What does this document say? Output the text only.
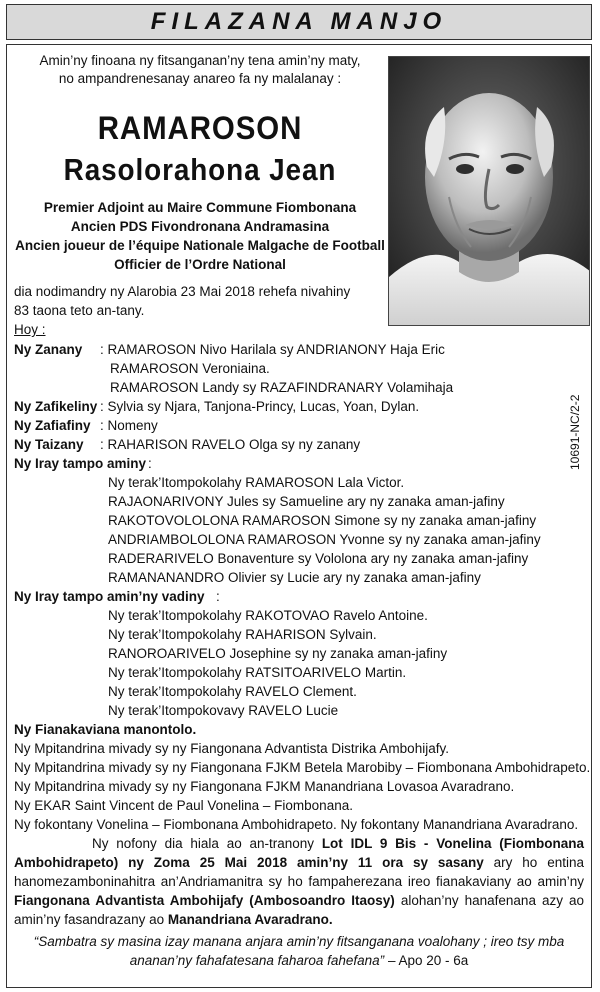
FILAZANA MANJO
Amin’ny finoana ny fitsanganan’ny tena amin’ny maty,
no ampandrenesanay anareo fa ny malalanay :
RAMAROSON
Rasolorahona Jean
Premier Adjoint au Maire Commune Fiombonana
Ancien PDS Fivondronana Andramasina
Ancien joueur de l’équipe Nationale Malgache de Football
Officier de l’Ordre National
10691-NC/2-2
dia nodimandry ny Alarobia 23 Mai 2018 rehefa nivahiny
83 taona teto an-tany.
Hoy :
Ny Zanany : RAMAROSON Nivo Harilala sy ANDRIANONY Haja Eric
RAMAROSON Veroniaina.
RAMAROSON Landy sy RAZAFINDRANARY Volamihaja
Ny Zafikeliny : Sylvia sy Njara, Tanjona-Princy, Lucas, Yoan, Dylan.
Ny Zafiafiny : Nomeny
Ny Taizany : RAHARISON RAVELO Olga sy ny zanany
Ny Iray tampo aminy :
Ny terak’Itompokolahy RAMAROSON Lala Victor.
RAJAONARIVONY Jules sy Samueline ary ny zanaka aman-jafiny
RAKOTOVOLOLONA RAMAROSON Simone sy ny zanaka aman-jafiny
ANDRIAMBOLOLONA RAMAROSON Yvonne sy ny zanaka aman-jafiny
RADERARIVELO Bonaventure sy Vololona ary ny zanaka aman-jafiny
RAMANANANDRO Olivier sy Lucie ary ny zanaka aman-jafiny
Ny Iray tampo amin’ny vadiny :
Ny terak’Itompokolahy RAKOTOVAO Ravelo Antoine.
Ny terak’Itompokolahy RAHARISON Sylvain.
RANOROARIVELO Josephine sy ny zanaka aman-jafiny
Ny terak’Itompokolahy RATSITOARIVELO Martin.
Ny terak’Itompokolahy RAVELO Clement.
Ny terak’Itompokovavy RAVELO Lucie
Ny Fianakaviana manontolo.
Ny Mpitandrina mivady sy ny Fiangonana Advantista Distrika Ambohijafy.
Ny Mpitandrina mivady sy ny Fiangonana FJKM Betela Marobiby – Fiombonana Ambohidrapeto.
Ny Mpitandrina mivady sy ny Fiangonana FJKM Manandriana Lovasoa Avaradrano.
Ny EKAR Saint Vincent de Paul Vonelina – Fiombonana.
Ny fokontany Vonelina – Fiombonana Ambohidrapeto. Ny fokontany Manandriana Avaradrano.
Ny nofony dia hiala ao an-tranony Lot IDL 9 Bis - Vonelina (Fiombonana Ambohidrapeto) ny Zoma 25 Mai 2018 amin’ny 11 ora sy sasany ary ho entina hanomezamboninahitra an’Andriamanitra sy ho fampaherezana ireo fianakaviany ao amin’ny Fiangonana Advantista Ambohijafy (Ambosoandro Itaosy) alohan’ny hanafenana azy ao amin’ny fasandrazany ao Manandriana Avaradrano.
“Sambatra sy masina izay manana anjara amin’ny fitsanganana voalohany ; ireo tsy mba
ananan’ny fahafatesana faharoa fahefana” – Apo 20 - 6a
